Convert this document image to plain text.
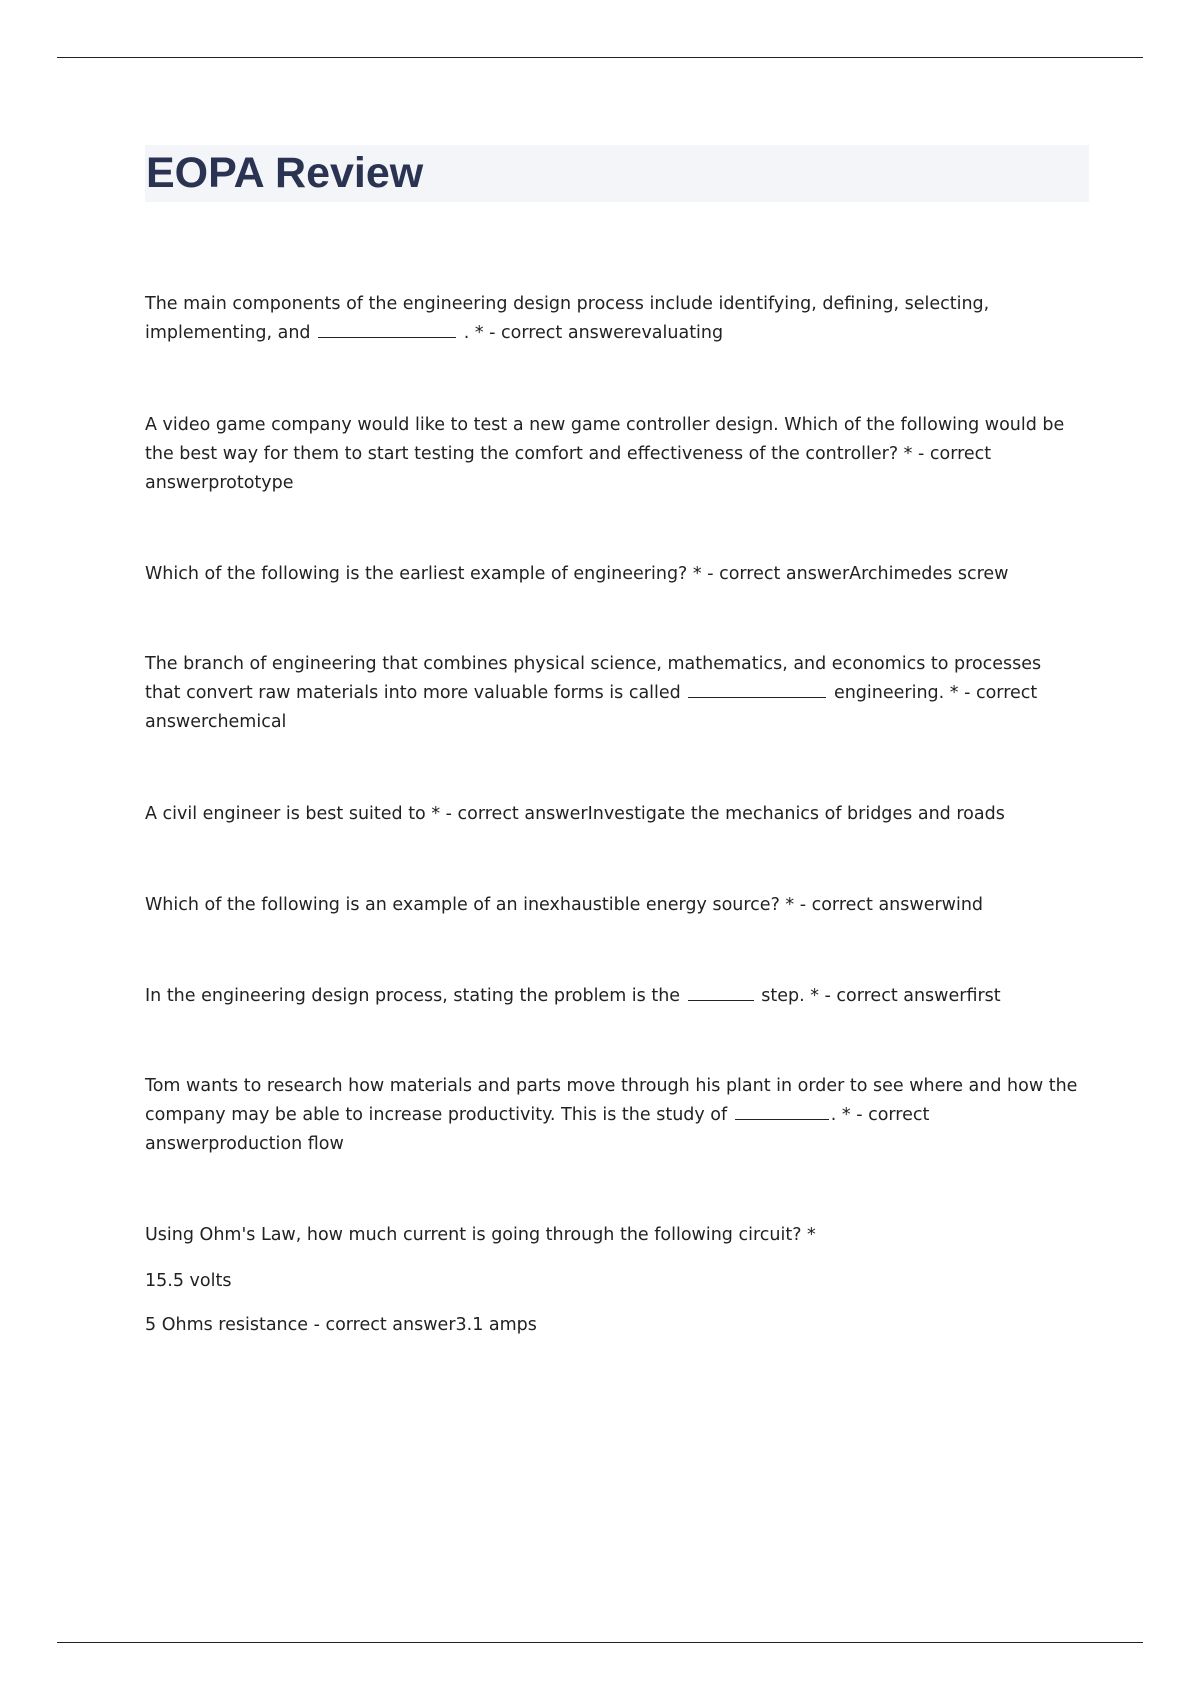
EOPA Review

The main components of the engineering design process include identifying, defining, selecting, implementing, and	. * - correct answerevaluating

A video game company would like to test a new game controller design. Which of the following would be the best way for them to start testing the comfort and effectiveness of the controller? * - correct answerprototype

Which of the following is the earliest example of engineering? * - correct answerArchimedes screw

The branch of engineering that combines physical science, mathematics, and economics to processes that convert raw materials into more valuable forms is called	engineering. * - correct answerchemical

A civil engineer is best suited to * - correct answerInvestigate the mechanics of bridges and roads

Which of the following is an example of an inexhaustible energy source? * - correct answerwind

In the engineering design process, stating the problem is the	step. * - correct answerfirst

Tom wants to research how materials and parts move through his plant in order to see where and how the company may be able to increase productivity. This is the study of	. * - correct answerproduction flow

Using Ohm's Law, how much current is going through the following circuit? *

15.5 volts

5 Ohms resistance - correct answer3.1 amps
